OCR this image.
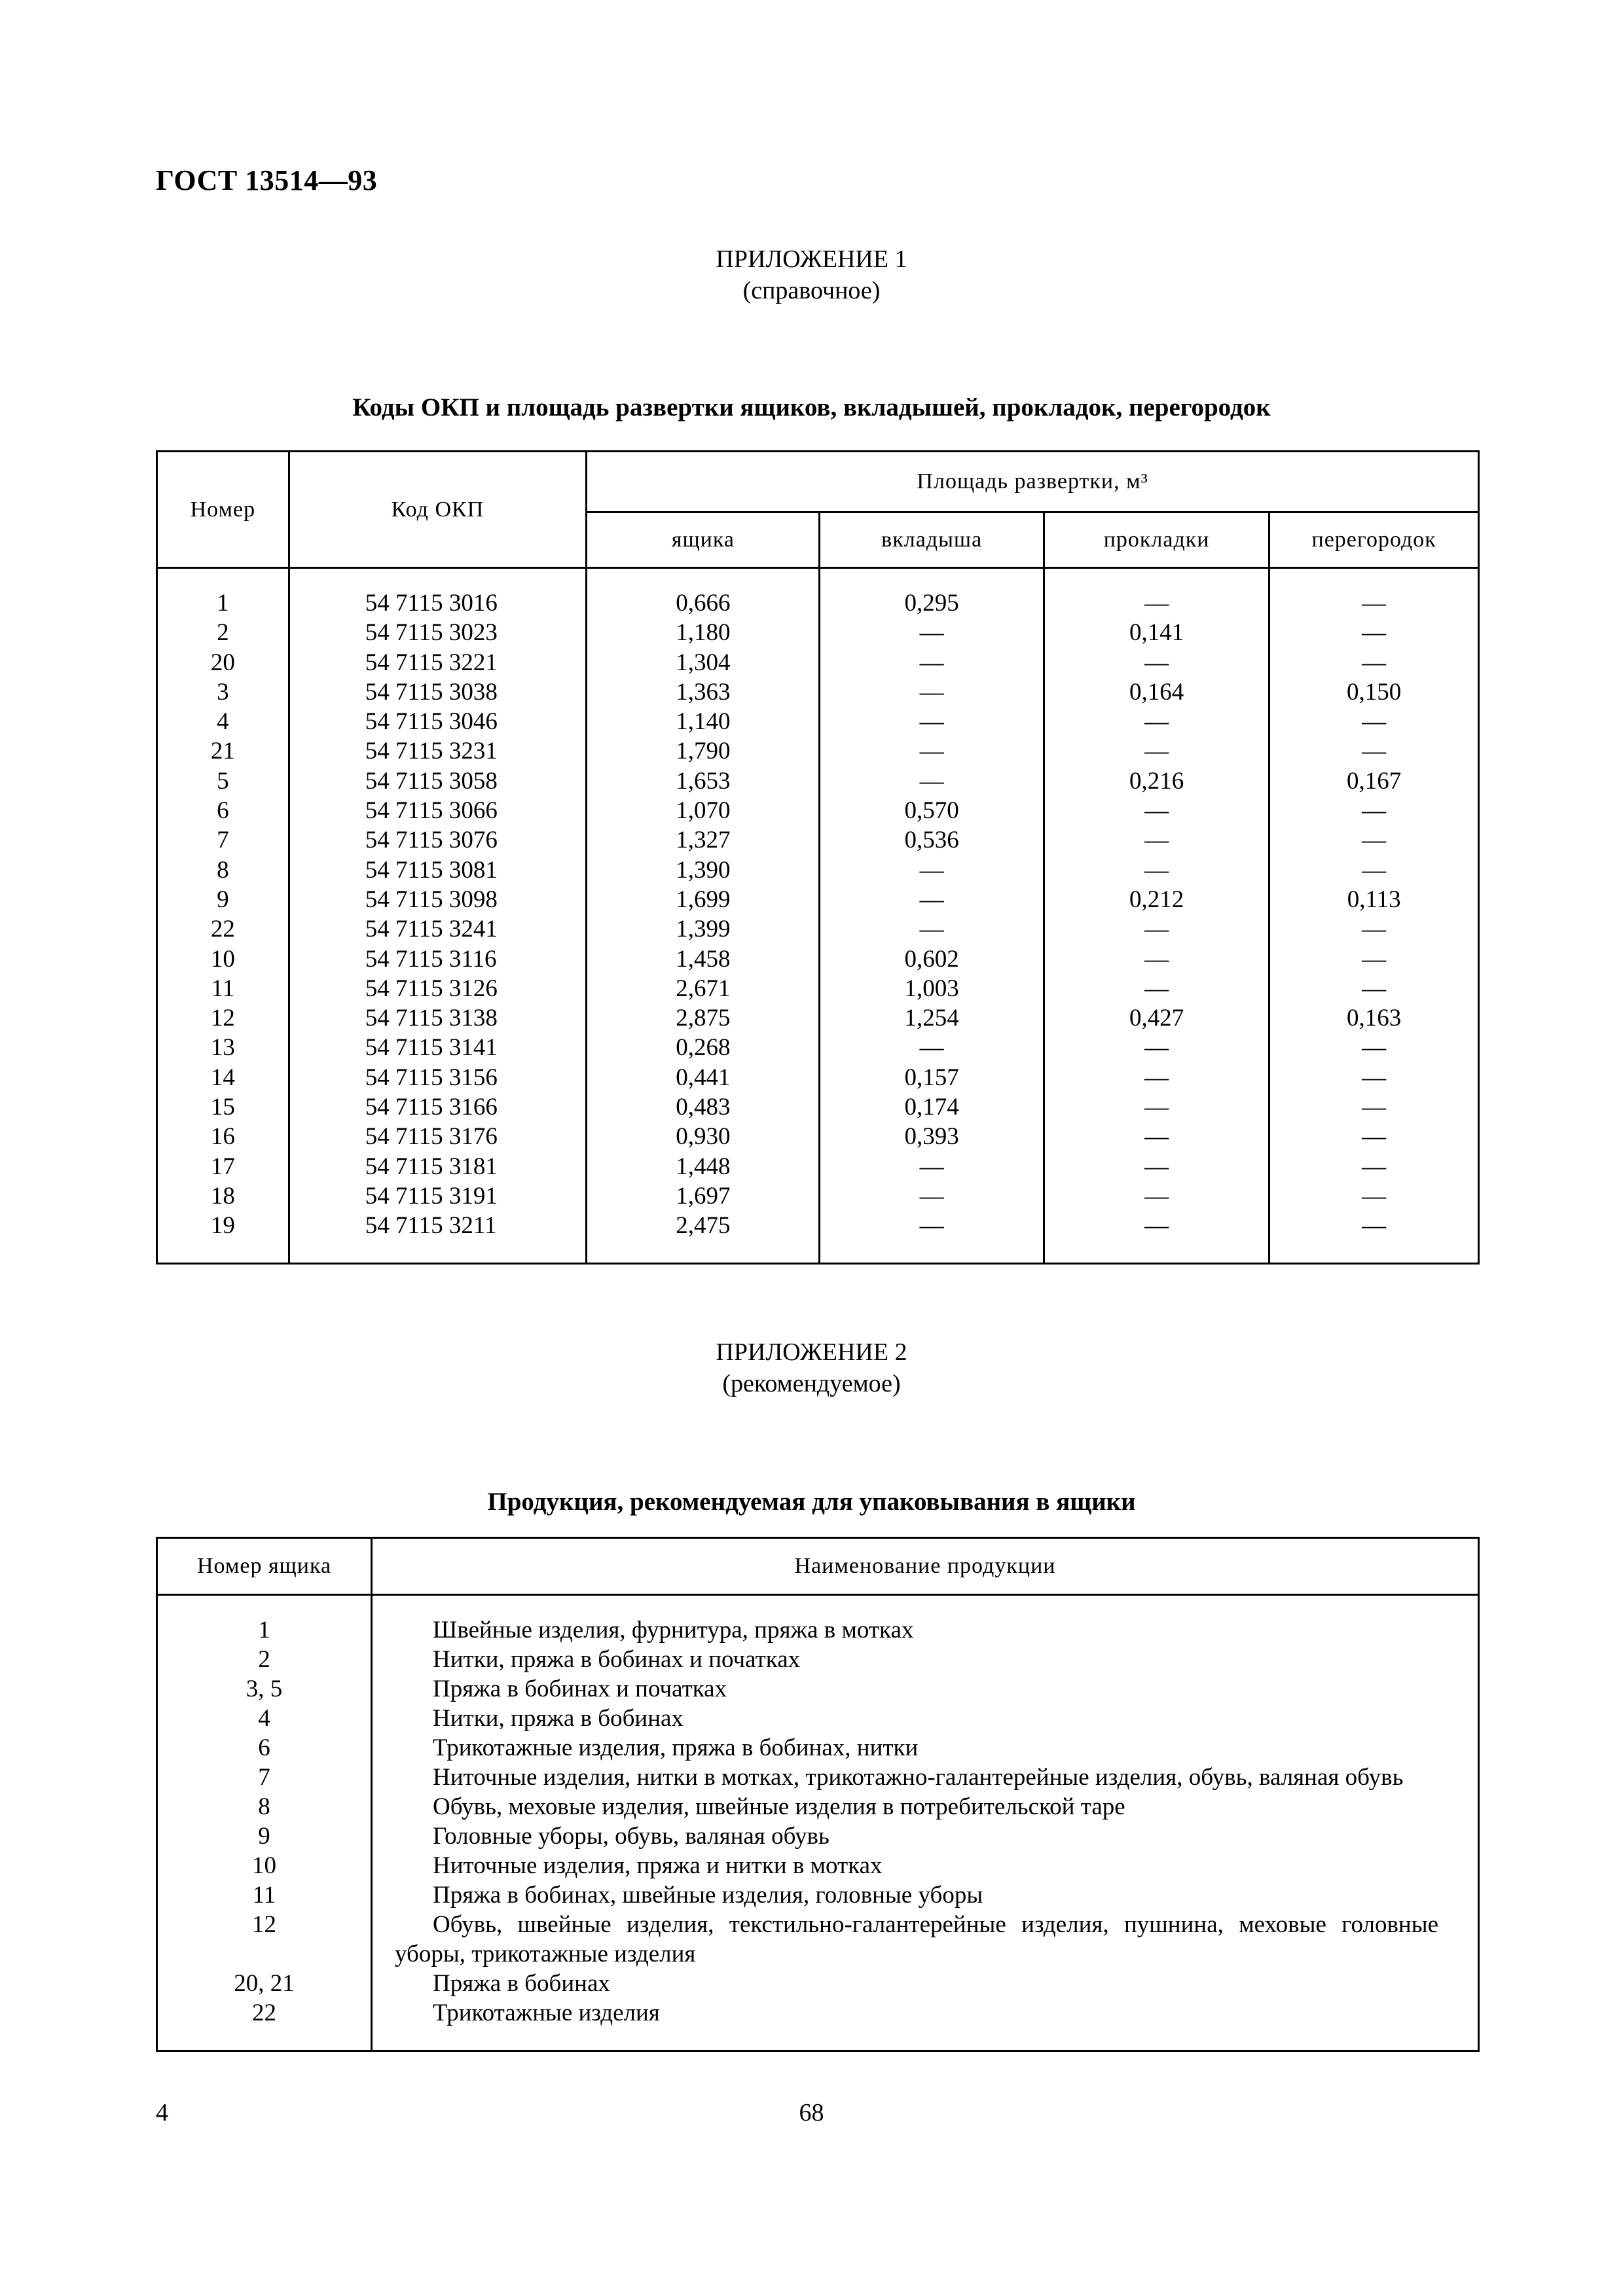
ГОСТ 13514—93
ПРИЛОЖЕНИЕ 1
(справочное)
Коды ОКП и площадь развертки ящиков, вкладышей, прокладок, перегородок
Номер	Код ОКП	Площадь развертки, м³			
		ящика	вкладыша	прокладки	перегородок

1	54 7115 3016	0,666	0,295	—	—
2	54 7115 3023	1,180	—	0,141	—
20	54 7115 3221	1,304	—	—	—
3	54 7115 3038	1,363	—	0,164	0,150
4	54 7115 3046	1,140	—	—	—
21	54 7115 3231	1,790	—	—	—
5	54 7115 3058	1,653	—	0,216	0,167
6	54 7115 3066	1,070	0,570	—	—
7	54 7115 3076	1,327	0,536	—	—
8	54 7115 3081	1,390	—	—	—
9	54 7115 3098	1,699	—	0,212	0,113
22	54 7115 3241	1,399	—	—	—
10	54 7115 3116	1,458	0,602	—	—
11	54 7115 3126	2,671	1,003	—	—
12	54 7115 3138	2,875	1,254	0,427	0,163
13	54 7115 3141	0,268	—	—	—
14	54 7115 3156	0,441	0,157	—	—
15	54 7115 3166	0,483	0,174	—	—
16	54 7115 3176	0,930	0,393	—	—
17	54 7115 3181	1,448	—	—	—
18	54 7115 3191	1,697	—	—	—
19	54 7115 3211	2,475	—	—	—

ПРИЛОЖЕНИЕ 2
(рекомендуемое)
Продукция, рекомендуемая для упаковывания в ящики
Номер ящика	Наименование продукции

1	Швейные изделия, фурнитура, пряжа в мотках
2	Нитки, пряжа в бобинах и початках
3, 5	Пряжа в бобинах и початках
4	Нитки, пряжа в бобинах
6	Трикотажные изделия, пряжа в бобинах, нитки
7	Ниточные изделия, нитки в мотках, трикотажно-галантерейные изделия, обувь, валяная обувь
8	Обувь, меховые изделия, швейные изделия в потребительской таре
9	Головные уборы, обувь, валяная обувь
10	Ниточные изделия, пряжа и нитки в мотках
11	Пряжа в бобинах, швейные изделия, головные уборы
12	Обувь, швейные изделия, текстильно-галантерейные изделия, пушнина, меховые головные уборы, трикотажные изделия
20, 21	Пряжа в бобинах
22	Трикотажные изделия

4	68
